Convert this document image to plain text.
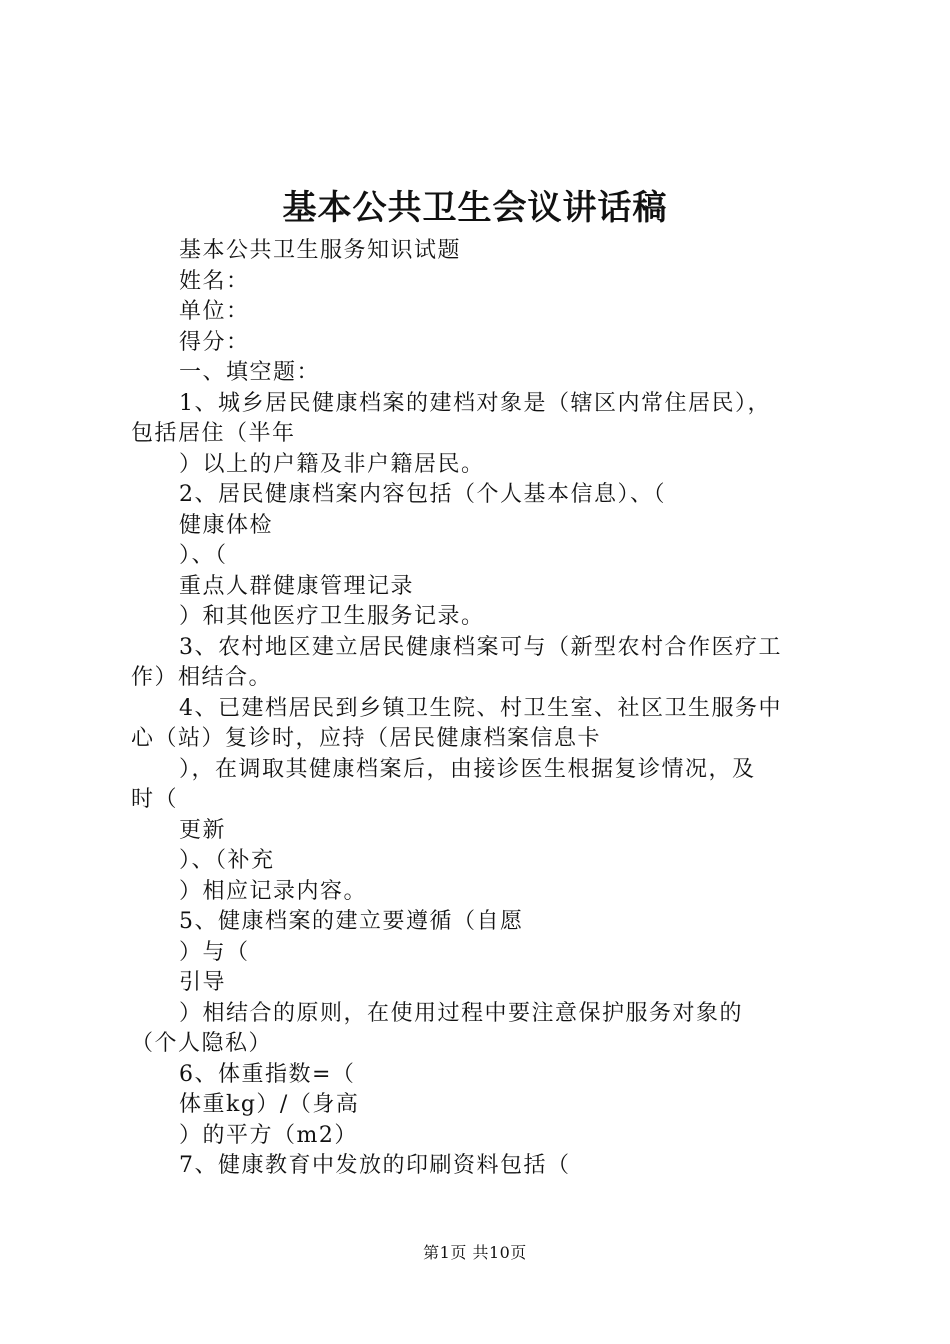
基本公共卫生会议讲话稿
基本公共卫生服务知识试题
姓名：
单位：
得分：
一、填空题：
1、城乡居民健康档案的建档对象是（辖区内常住居民），
包括居住（半年
）以上的户籍及非户籍居民。
2、居民健康档案内容包括（个人基本信息）、（
健康体检
）、（
重点人群健康管理记录
）和其他医疗卫生服务记录。
3、农村地区建立居民健康档案可与（新型农村合作医疗工
作）相结合。
4、已建档居民到乡镇卫生院、村卫生室、社区卫生服务中
心（站）复诊时，应持（居民健康档案信息卡
），在调取其健康档案后，由接诊医生根据复诊情况，及
时（
更新
）、（补充
）相应记录内容。
5、健康档案的建立要遵循（自愿
）与（
引导
）相结合的原则，在使用过程中要注意保护服务对象的
（个人隐私）
6、体重指数=（
体重kg）/（身高
）的平方（m2）
7、健康教育中发放的印刷资料包括（
第1页 共10页
